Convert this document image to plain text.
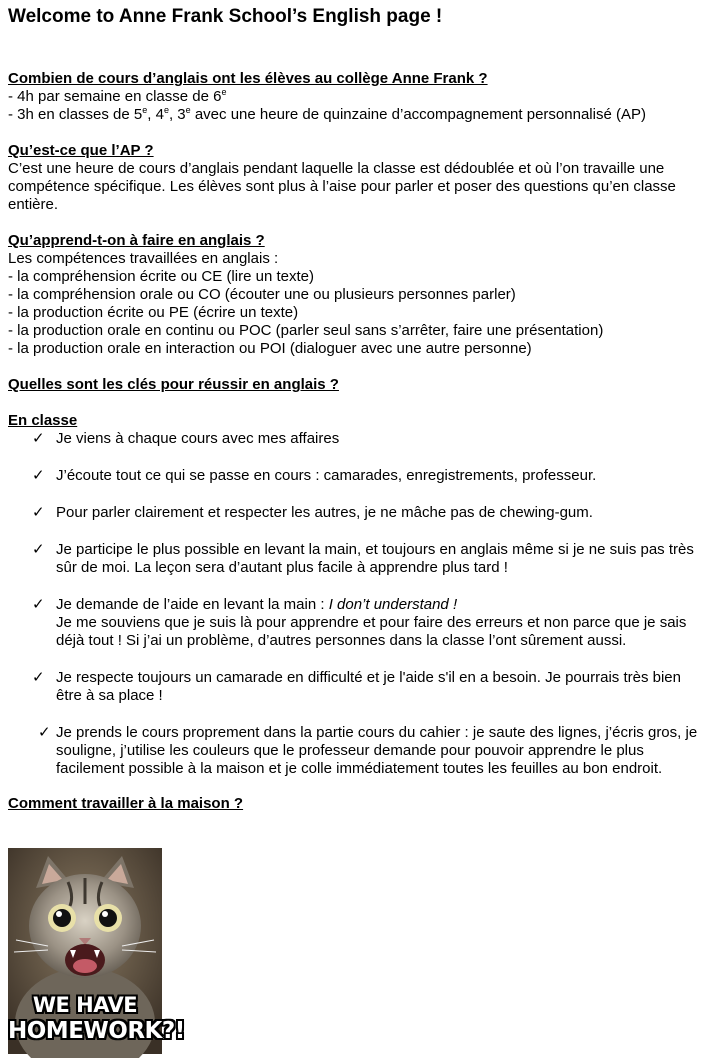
Welcome to Anne Frank School’s English page !

Combien de cours d’anglais ont les élèves au collège Anne Frank ?

- 4h par semaine en classe de 6e

- 3h en classes de 5e, 4e, 3e avec une heure de quinzaine d’accompagnement personnalisé (AP)

Qu’est-ce que l’AP ?

C’est une heure de cours d’anglais pendant laquelle la classe est dédoublée et où l’on travaille une compétence spécifique. Les élèves sont plus à l’aise pour parler et poser des questions qu’en classe entière.

Qu’apprend-t-on à faire en anglais ?

Les compétences travaillées en anglais :

- la compréhension écrite ou CE (lire un texte)

- la compréhension orale ou CO (écouter une ou plusieurs personnes parler)

- la production écrite ou PE (écrire un texte)

- la production orale en continu ou POC (parler seul sans s’arrêter, faire une présentation)

- la production orale en interaction ou POI (dialoguer avec une autre personne)

Quelles sont les clés pour réussir en anglais ?

En classe

✓ Je viens à chaque cours avec mes affaires
✓ J’écoute tout ce qui se passe en cours : camarades, enregistrements, professeur.
✓ Pour parler clairement et respecter les autres, je ne mâche pas de chewing-gum.
✓ Je participe le plus possible en levant la main, et toujours en anglais même si je ne suis pas très sûr de moi. La leçon sera d’autant plus facile à apprendre plus tard !
✓ Je demande de l’aide en levant la main : I don’t understand !
Je me souviens que je suis là pour apprendre et pour faire des erreurs et non parce que je sais déjà tout ! Si j’ai un problème, d’autres personnes dans la classe l’ont sûrement aussi.
✓ Je respecte toujours un camarade en difficulté et je l'aide s'il en a besoin. Je pourrais très bien être à sa place !
✓ Je prends le cours proprement dans la partie cours du cahier : je saute des lignes, j’écris gros, je souligne, j’utilise les couleurs que le professeur demande pour pouvoir apprendre le plus facilement possible à la maison et je colle immédiatement toutes les feuilles au bon endroit.

Comment travailler à la maison ?

WE HAVE
HOMEWORK?!
